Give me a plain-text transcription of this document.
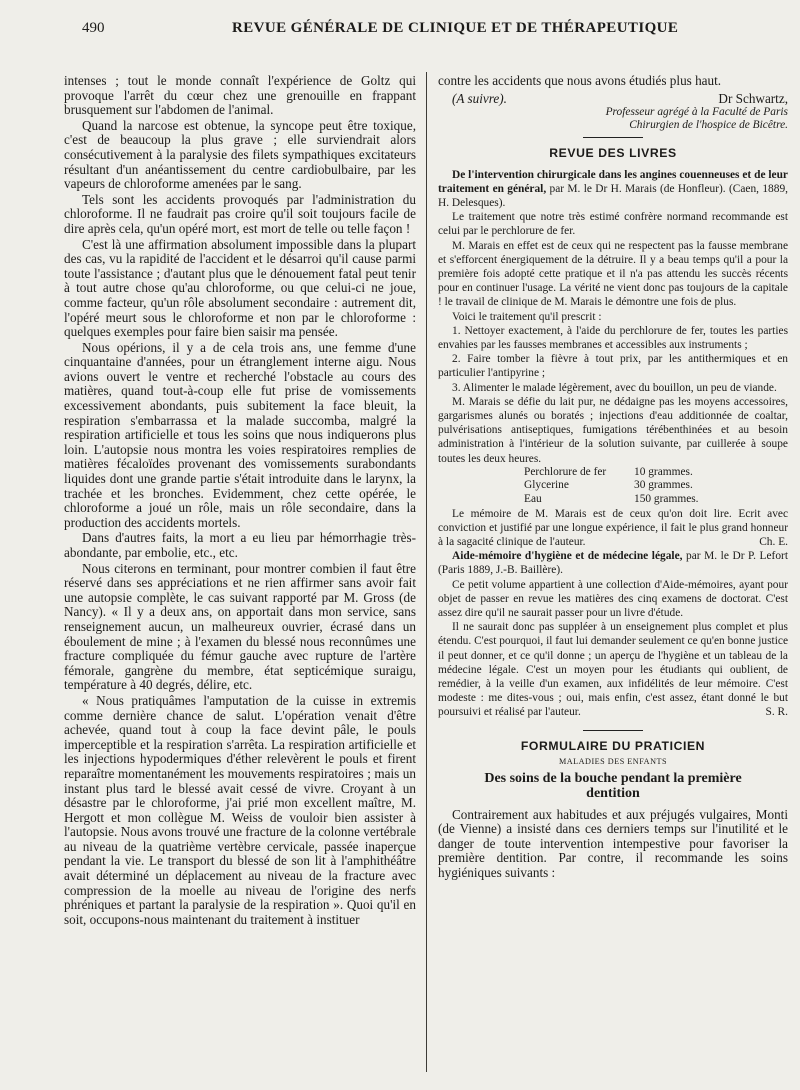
490	REVUE GÉNÉRALE DE CLINIQUE ET DE THÉRAPEUTIQUE

intenses ; tout le monde connaît l'expérience de Goltz qui provoque l'arrêt du cœur chez une grenouille en frappant brusquement sur l'abdomen de l'animal.

Quand la narcose est obtenue, la syncope peut être toxique, c'est de beaucoup la plus grave ; elle surviendrait alors consécutivement à la paralysie des filets sympathiques excitateurs résultant d'un anéantissement du centre cardiobulbaire, par les vapeurs de chloroforme amenées par le sang.

Tels sont les accidents provoqués par l'administration du chloroforme. Il ne faudrait pas croire qu'il soit toujours facile de dire après cela, qu'un opéré mort, est mort de telle ou telle façon !

C'est là une affirmation absolument impossible dans la plupart des cas, vu la rapidité de l'accident et le désarroi qu'il cause parmi toute l'assistance ; d'autant plus que le dénouement fatal peut tenir à tout autre chose qu'au chloroforme, ou que celui-ci ne joue, comme facteur, qu'un rôle absolument secondaire : autrement dit, l'opéré meurt sous le chloroforme et non par le chloroforme : quelques exemples pour faire bien saisir ma pensée.

Nous opérions, il y a de cela trois ans, une femme d'une cinquantaine d'années, pour un étranglement interne aigu. Nous avions ouvert le ventre et recherché l'obstacle au cours des matières, quand tout-à-coup elle fut prise de vomissements excessivement abondants, puis subitement la face bleuit, la respiration s'embarrassa et la malade succomba, malgré la respiration artificielle et tous les soins que nous indiquerons plus loin. L'autopsie nous montra les voies respiratoires remplies de matières fécaloïdes provenant des vomissements surabondants liquides dont une grande partie s'était introduite dans le larynx, la trachée et les bronches. Evidemment, chez cette opérée, le chloroforme a joué un rôle, mais un rôle secondaire, dans la production des accidents mortels.

Dans d'autres faits, la mort a eu lieu par hémorrhagie très-abondante, par embolie, etc., etc.

Nous citerons en terminant, pour montrer combien il faut être réservé dans ses appréciations et ne rien affirmer sans avoir fait une autopsie complète, le cas suivant rapporté par M. Gross (de Nancy). « Il y a deux ans, on apportait dans mon service, sans renseignement aucun, un malheureux ouvrier, écrasé dans un éboulement de mine ; à l'examen du blessé nous reconnûmes une fracture compliquée du fémur gauche avec rupture de l'artère fémorale, gangrène du membre, état septicémique suraigu, température à 40 degrés, délire, etc.

« Nous pratiquâmes l'amputation de la cuisse in extremis comme dernière chance de salut. L'opération venait d'être achevée, quand tout à coup la face devint pâle, le pouls imperceptible et la respiration s'arrêta. La respiration artificielle et les injections hypodermiques d'éther relevèrent le pouls et firent reparaître momentanément les mouvements respiratoires ; mais un instant plus tard le blessé avait cessé de vivre. Croyant à un désastre par le chloroforme, j'ai prié mon excellent maître, M. Hergott et mon collègue M. Weiss de vouloir bien assister à l'autopsie. Nous avons trouvé une fracture de la colonne vertébrale au niveau de la quatrième vertèbre cervicale, passée inaperçue pendant la vie. Le transport du blessé de son lit à l'amphithéâtre avait déterminé un déplacement au niveau de la fracture avec compression de la moelle au niveau de l'origine des nerfs phréniques et partant la paralysie de la respiration ». Quoi qu'il en soit, occupons-nous maintenant du traitement à instituer

contre les accidents que nous avons étudiés plus haut.

(A suivre).	Dr Schwartz,
Professeur agrégé à la Faculté de Paris
Chirurgien de l'hospice de Bicêtre.
REVUE DES LIVRES

De l'intervention chirurgicale dans les angines couenneuses et de leur traitement en général, par M. le Dr H. Marais (de Honfleur). (Caen, 1889, H. Delesques).

Le traitement que notre très estimé confrère normand recommande est celui par le perchlorure de fer.

M. Marais en effet est de ceux qui ne respectent pas la fausse membrane et s'efforcent énergiquement de la détruire. Il y a beau temps qu'il a pour la première fois adopté cette pratique et il n'a pas attendu les succès récents pour en continuer l'usage. La vérité ne vient donc pas toujours de la capitale ! le travail de clinique de M. Marais le démontre une fois de plus.

Voici le traitement qu'il prescrit :

1. Nettoyer exactement, à l'aide du perchlorure de fer, toutes les parties envahies par les fausses membranes et accessibles aux instruments ;

2. Faire tomber la fièvre à tout prix, par les antithermiques et en particulier l'antipyrine ;

3. Alimenter le malade légèrement, avec du bouillon, un peu de viande.

M. Marais se défie du lait pur, ne dédaigne pas les moyens accessoires, gargarismes alunés ou boratés ; injections d'eau additionnée de coaltar, pulvérisations antiseptiques, fumigations térébenthinées et au besoin administration à l'intérieur de la solution suivante, par cuillerée à soupe toutes les deux heures.

Perchlorure de fer	10 grammes.
Glycerine	30 grammes.
Eau	150 grammes.

Le mémoire de M. Marais est de ceux qu'on doit lire. Ecrit avec conviction et justifié par une longue expérience, il fait le plus grand honneur à la sagacité clinique de l'auteur.	Ch. E.

Aide-mémoire d'hygiène et de médecine légale, par M. le Dr P. Lefort (Paris 1889, J.-B. Baillère).

Ce petit volume appartient à une collection d'Aide-mémoires, ayant pour objet de passer en revue les matières des cinq examens de doctorat. C'est assez dire qu'il ne saurait passer pour un livre d'étude.

Il ne saurait donc pas suppléer à un enseignement plus complet et plus étendu. C'est pourquoi, il faut lui demander seulement ce qu'en bonne justice il peut donner, et ce qu'il donne ; un aperçu de l'hygiène et un tableau de la médecine légale. C'est un moyen pour les étudiants qui oublient, de remédier, à la veille d'un examen, aux infidélités de leur mémoire. C'est modeste : me dites-vous ; oui, mais enfin, c'est assez, étant donné le but poursuivi et réalisé par l'auteur.	S. R.

FORMULAIRE DU PRATICIEN
MALADIES DES ENFANTS
Des soins de la bouche pendant la première
dentition

Contrairement aux habitudes et aux préjugés vulgaires, Monti (de Vienne) a insisté dans ces derniers temps sur l'inutilité et le danger de toute intervention intempestive pour favoriser la première dentition. Par contre, il recommande les soins hygiéniques suivants :
